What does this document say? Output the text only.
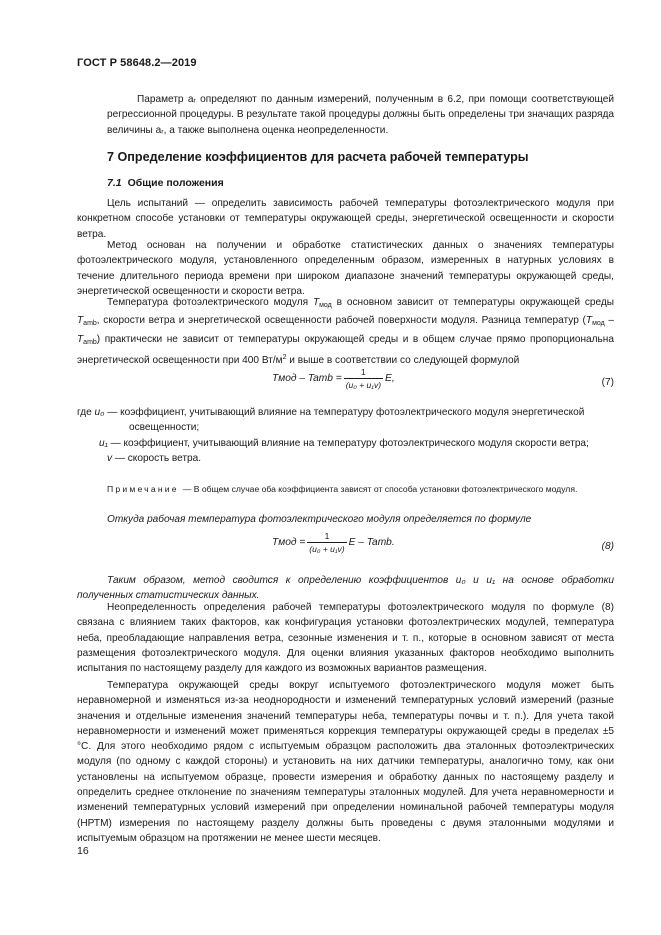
ГОСТ Р 58648.2—2019

Параметр aᵣ определяют по данным измерений, полученным в 6.2, при помощи соответствующей регрессионной процедуры. В результате такой процедуры должны быть определены три значащих разряда величины aᵣ, а также выполнена оценка неопределенности.

7 Определение коэффициентов для расчета рабочей температуры
7.1 Общие положения

Цель испытаний — определить зависимость рабочей температуры фотоэлектрического модуля при конкретном способе установки от температуры окружающей среды, энергетической освещенности и скорости ветра.

Метод основан на получении и обработке статистических данных о значениях температуры фотоэлектрического модуля, установленного определенным образом, измеренных в натурных условиях в течение длительного периода времени при широком диапазоне значений температуры окружающей среды, энергетической освещенности и скорости ветра.

Температура фотоэлектрического модуля $T_{мод}$ в основном зависит от температуры окружающей среды $T_{amb}$, скорости ветра и энергетической освещенности рабочей поверхности модуля. Разница температур $(T_{мод} - T_{amb})$ практически не зависит от температуры окружающей среды и в общем случае прямо пропорциональна энергетической освещенности при 400 $Вт/м^2$ и выше в соответствии со следующей формулой

Tмод – Tamb = $\frac{1}{\text{(u₀ + u₁v)}} E$,	(7)
где u₀ — коэффициент, учитывающий влияние на температуру фотоэлектрического модуля энергетической освещенности;
u₁ — коэффициент, учитывающий влияние на температуру фотоэлектрического модуля скорости ветра;
v — скорость ветра.
Примечание — В общем случае оба коэффициента зависят от способа установки фотоэлектрического модуля.

Откуда рабочая температура фотоэлектрического модуля определяется по формуле

Tмод = $\frac{1}{\text{(u₀ + u₁v)}}$ E – Tamb.	(8)

Таким образом, метод сводится к определению коэффициентов u₀ и u₁ на основе обработки полученных статистических данных.

Неопределенность определения рабочей температуры фотоэлектрического модуля по формуле (8) связана с влиянием таких факторов, как конфигурация установки фотоэлектрических модулей, температура неба, преобладающие направления ветра, сезонные изменения и т. п., которые в основном зависят от места размещения фотоэлектрического модуля. Для оценки влияния указанных факторов необходимо выполнить испытания по настоящему разделу для каждого из возможных вариантов размещения.

Температура окружающей среды вокруг испытуемого фотоэлектрического модуля может быть неравномерной и изменяться из-за неоднородности и изменений температурных условий измерений (разные значения и отдельные изменения значений температуры неба, температуры почвы и т. п.). Для учета такой неравномерности и изменений может применяться коррекция температуры окружающей среды в пределах ±5 °С. Для этого необходимо рядом с испытуемым образцом расположить два эталонных фотоэлектрических модуля (по одному с каждой стороны) и установить на них датчики температуры, аналогично тому, как они установлены на испытуемом образце, провести измерения и обработку данных по настоящему разделу и определить среднее отклонение по значениям температуры эталонных модулей. Для учета неравномерности и изменений температурных условий измерений при определении номинальной рабочей температуры модуля (НРТМ) измерения по настоящему разделу должны быть проведены с двумя эталонными модулями и испытуемым образцом на протяжении не менее шести месяцев.

16
